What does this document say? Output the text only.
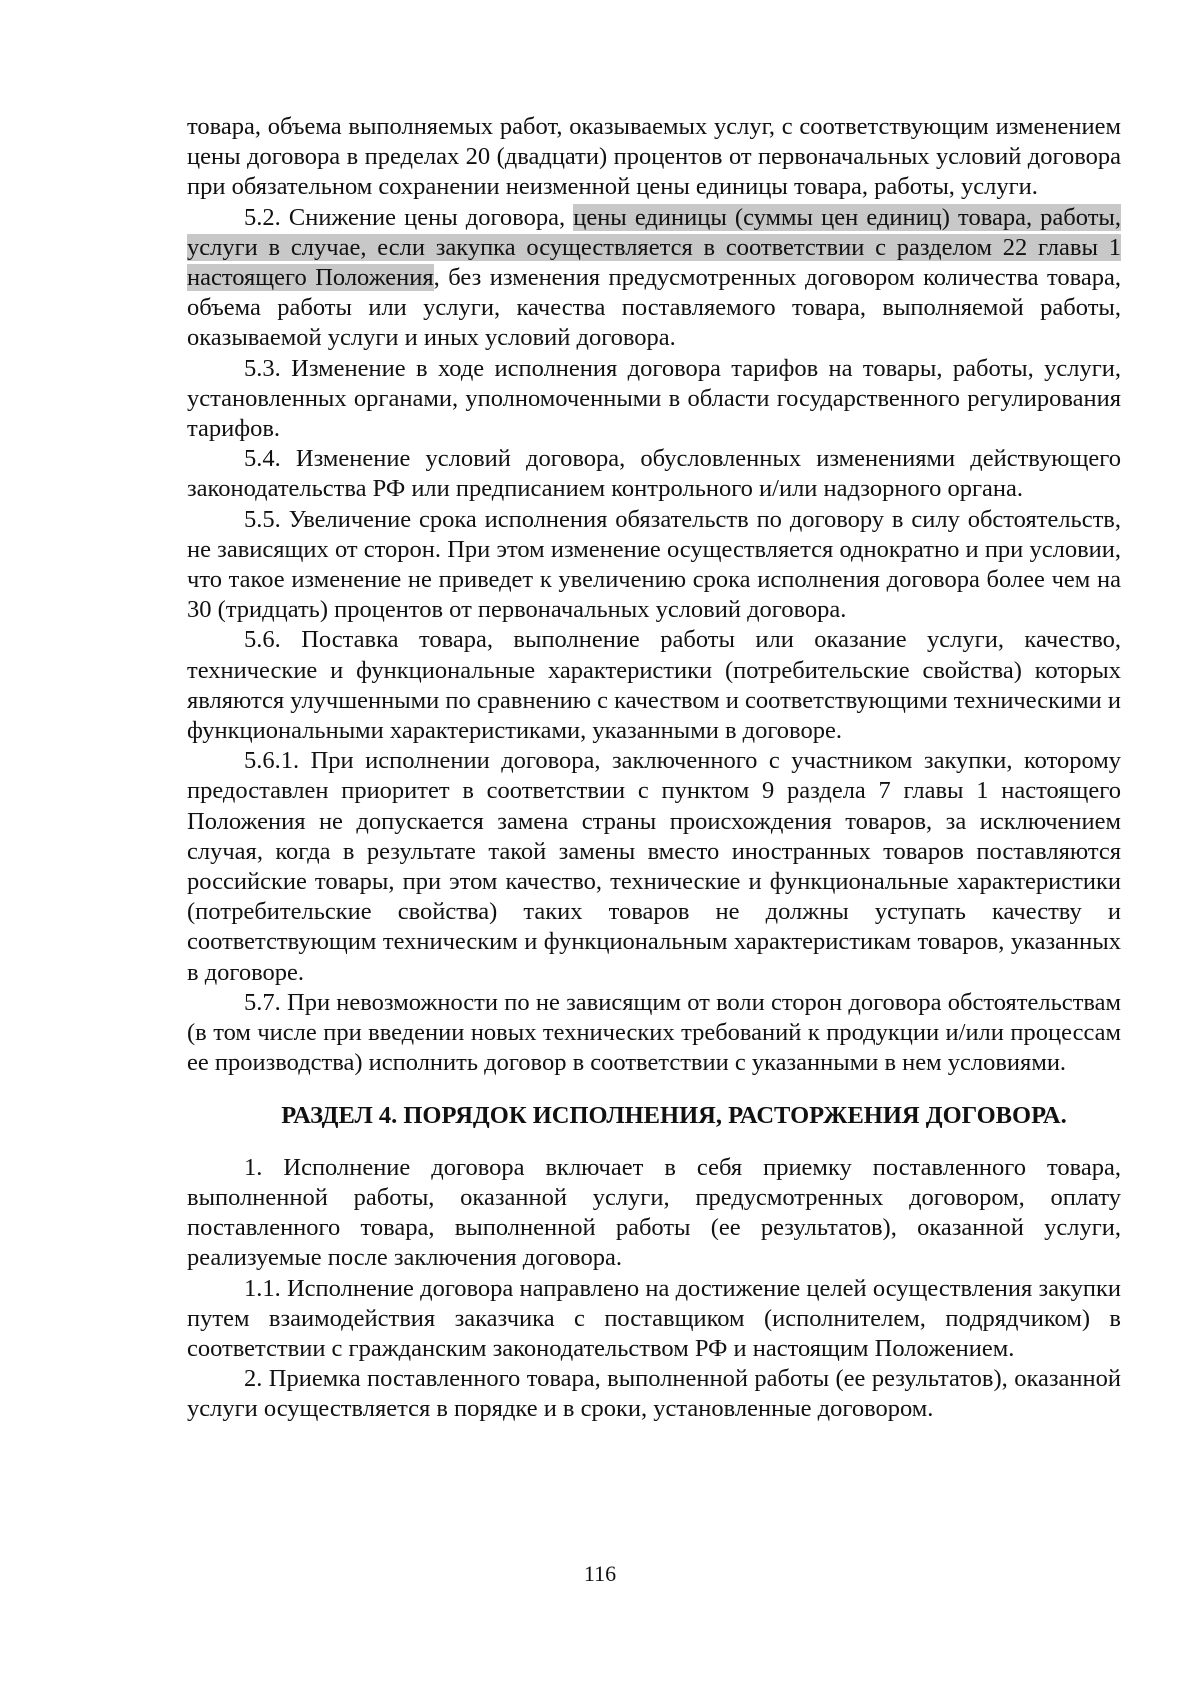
товара, объема выполняемых работ, оказываемых услуг, с соответствующим изменением цены договора в пределах 20 (двадцати) процентов от первоначальных условий договора при обязательном сохранении неизменной цены единицы товара, работы, услуги.

5.2. Снижение цены договора, цены единицы (суммы цен единиц) товара, работы, услуги в случае, если закупка осуществляется в соответствии с разделом 22 главы 1 настоящего Положения, без изменения предусмотренных договором количества товара, объема работы или услуги, качества поставляемого товара, выполняемой работы, оказываемой услуги и иных условий договора.

5.3. Изменение в ходе исполнения договора тарифов на товары, работы, услуги, установленных органами, уполномоченными в области государственного регулирования тарифов.

5.4. Изменение условий договора, обусловленных изменениями действующего законодательства РФ или предписанием контрольного и/или надзорного органа.

5.5. Увеличение срока исполнения обязательств по договору в силу обстоятельств, не зависящих от сторон. При этом изменение осуществляется однократно и при условии, что такое изменение не приведет к увеличению срока исполнения договора более чем на 30 (тридцать) процентов от первоначальных условий договора.

5.6. Поставка товара, выполнение работы или оказание услуги, качество, технические и функциональные характеристики (потребительские свойства) которых являются улучшенными по сравнению с качеством и соответствующими техническими и функциональными характеристиками, указанными в договоре.

5.6.1. При исполнении договора, заключенного с участником закупки, которому предоставлен приоритет в соответствии с пунктом 9 раздела 7 главы 1 настоящего Положения не допускается замена страны происхождения товаров, за исключением случая, когда в результате такой замены вместо иностранных товаров поставляются российские товары, при этом качество, технические и функциональные характеристики (потребительские свойства) таких товаров не должны уступать качеству и соответствующим техническим и функциональным характеристикам товаров, указанных в договоре.

5.7. При невозможности по не зависящим от воли сторон договора обстоятельствам (в том числе при введении новых технических требований к продукции и/или процессам ее производства) исполнить договор в соответствии с указанными в нем условиями.

РАЗДЕЛ 4. ПОРЯДОК ИСПОЛНЕНИЯ, РАСТОРЖЕНИЯ ДОГОВОРА.

1. Исполнение договора включает в себя приемку поставленного товара, выполненной работы, оказанной услуги, предусмотренных договором, оплату поставленного товара, выполненной работы (ее результатов), оказанной услуги, реализуемые после заключения договора.

1.1. Исполнение договора направлено на достижение целей осуществления закупки путем взаимодействия заказчика с поставщиком (исполнителем, подрядчиком) в соответствии с гражданским законодательством РФ и настоящим Положением.

2. Приемка поставленного товара, выполненной работы (ее результатов), оказанной услуги осуществляется в порядке и в сроки, установленные договором.

116
